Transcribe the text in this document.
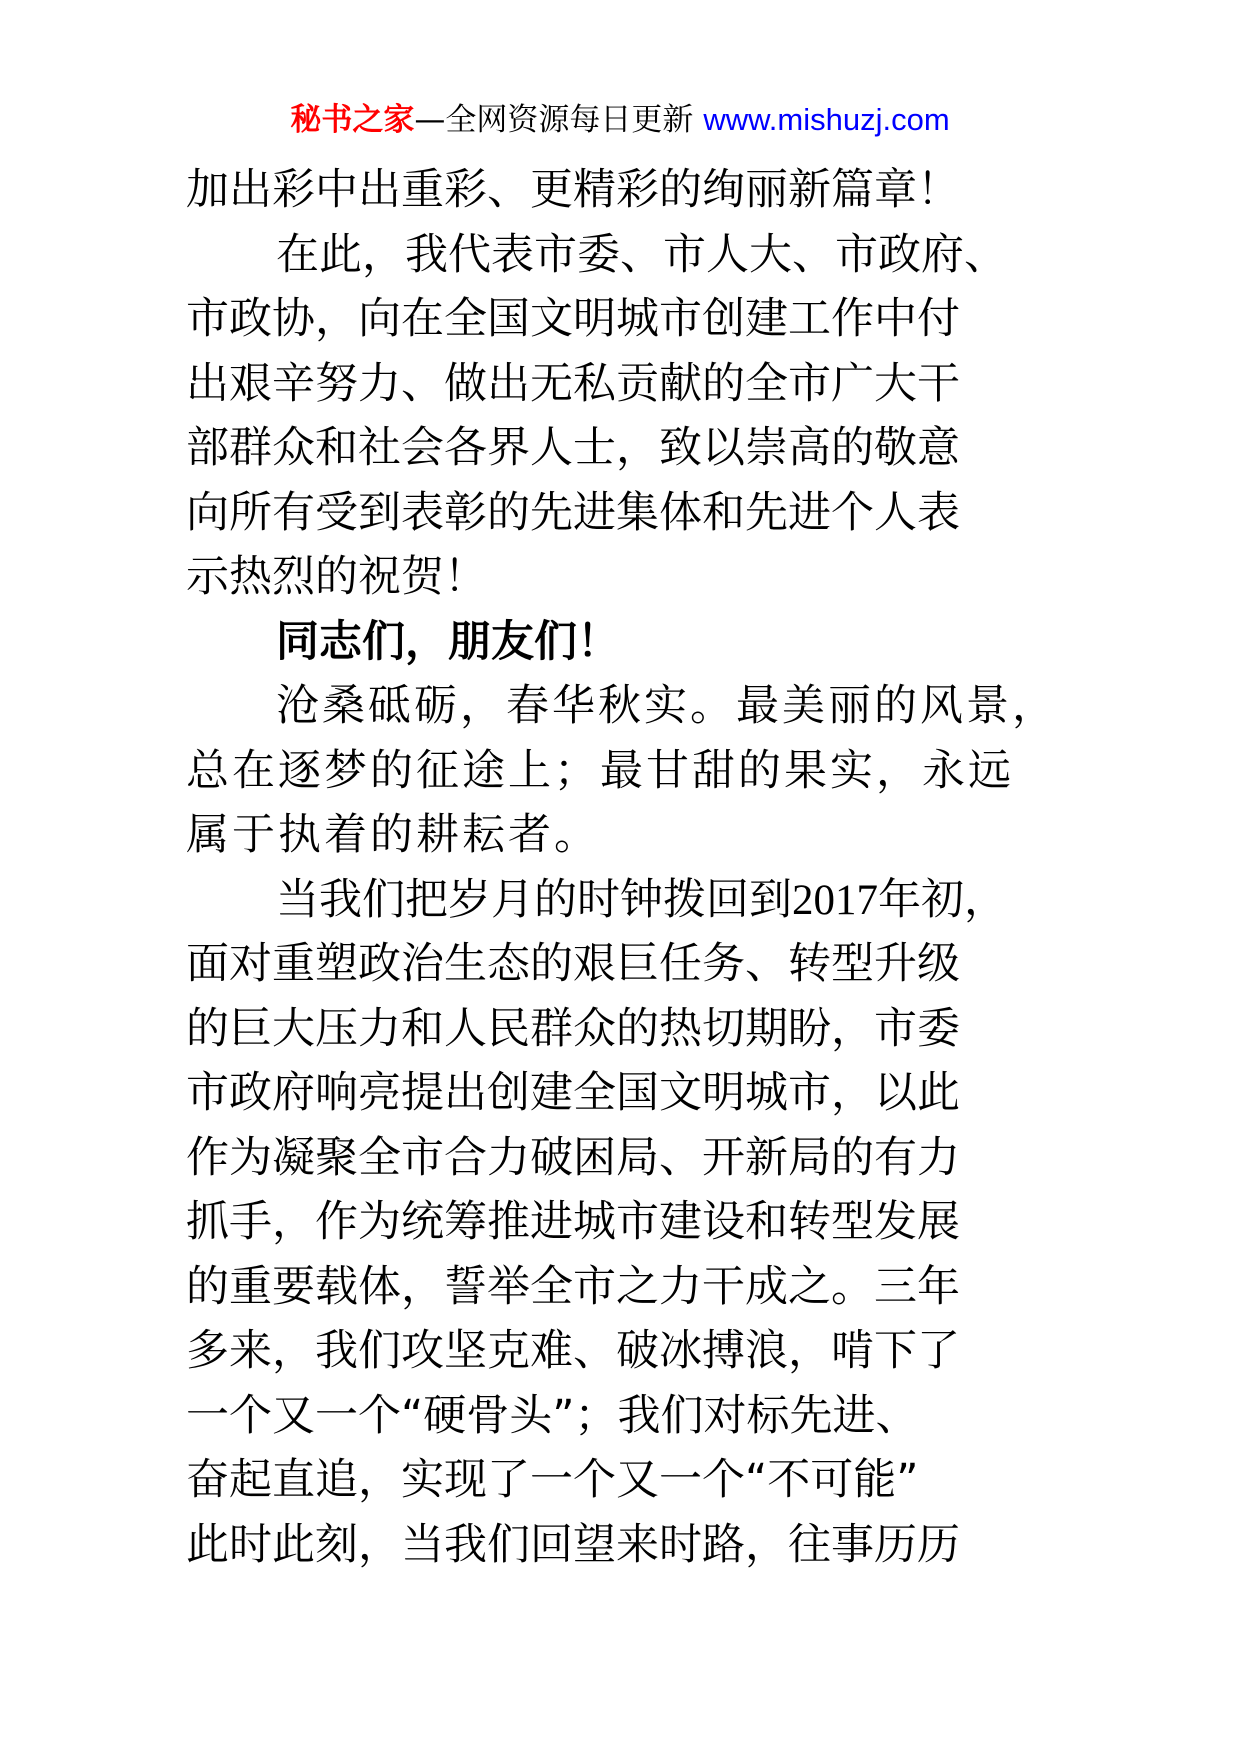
秘书之家—全网资源每日更新 www.mishuzj.com
加出彩中出重彩、更精彩的绚丽新篇章！
在此，我代表市委、市人大、市政府、
市政协，向在全国文明城市创建工作中付
出艰辛努力、做出无私贡献的全市广大干
部群众和社会各界人士，致以崇高的敬意
向所有受到表彰的先进集体和先进个人表
示热烈的祝贺！
同志们，朋友们！
沧桑砥砺，春华秋实。最美丽的风景，
总在逐梦的征途上；最甘甜的果实，永远
属于执着的耕耘者。
当我们把岁月的时钟拨回到2017年初，
面对重塑政治生态的艰巨任务、转型升级
的巨大压力和人民群众的热切期盼，市委
市政府响亮提出创建全国文明城市，以此
作为凝聚全市合力破困局、开新局的有力
抓手，作为统筹推进城市建设和转型发展
的重要载体，誓举全市之力干成之。三年
多来，我们攻坚克难、破冰搏浪，啃下了
一个又一个“硬骨头”；我们对标先进、
奋起直追，实现了一个又一个“不可能”
此时此刻，当我们回望来时路，往事历历
